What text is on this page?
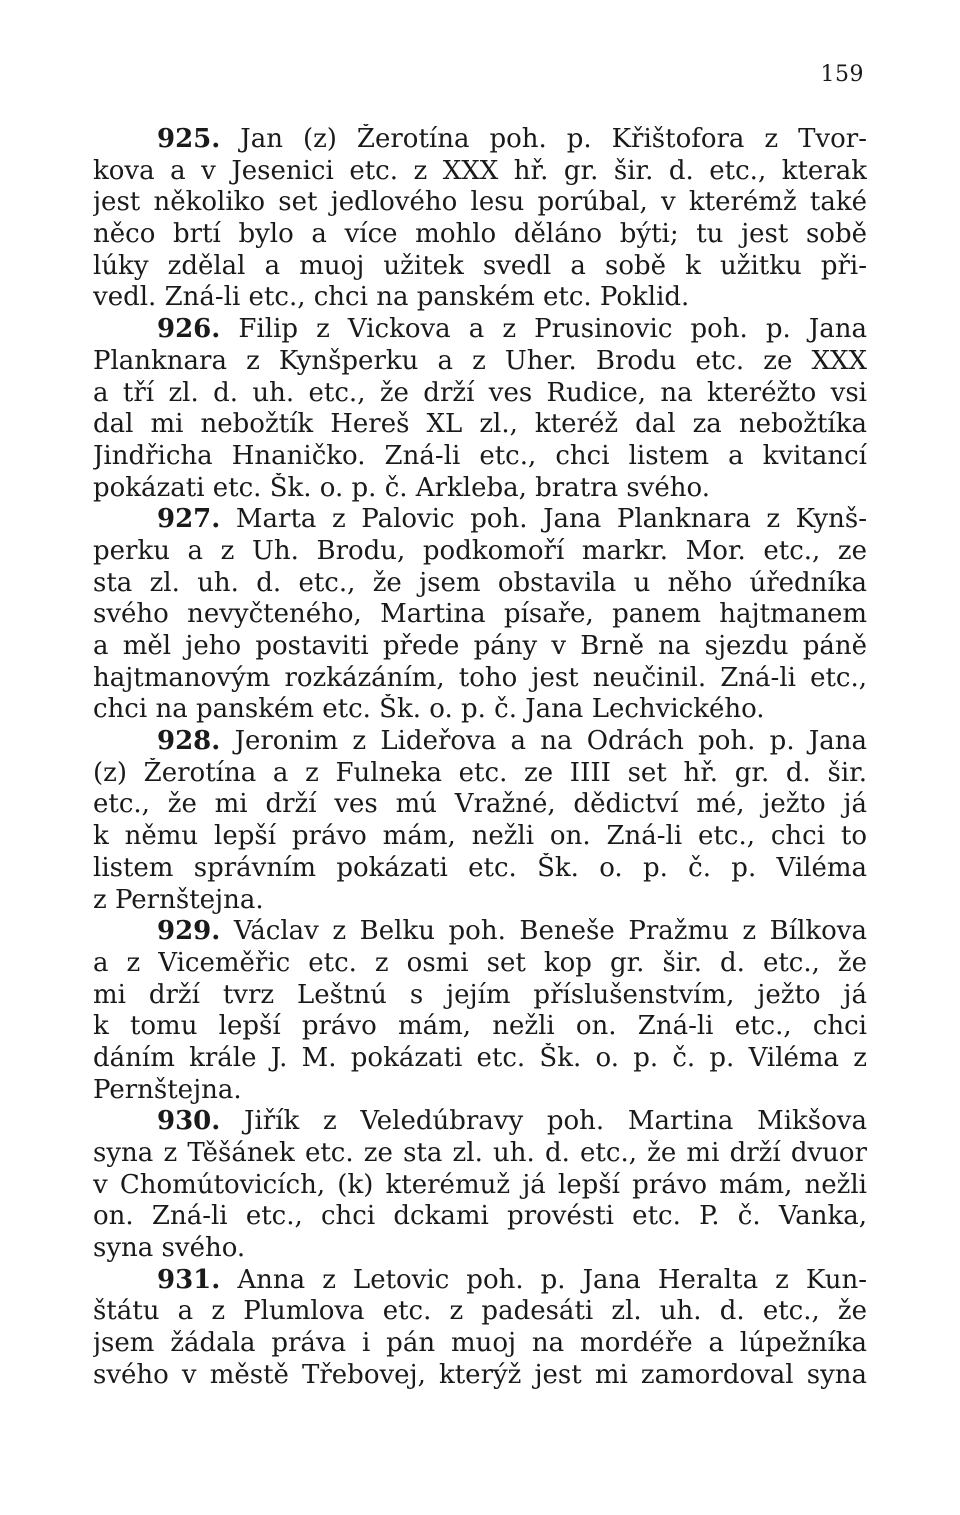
159
925. Jan (z) Žerotína poh. p. Křištofora z Tvor-
kova a v Jesenici etc. z XXX hř. gr. šir. d. etc., kterak
jest několiko set jedlového lesu porúbal, v kterémž také
něco brtí bylo a více mohlo děláno býti; tu jest sobě
lúky zdělal a muoj užitek svedl a sobě k užitku při-
vedl. Zná-li etc., chci na panském etc. Poklid.
926. Filip z Vickova a z Prusinovic poh. p. Jana
Planknara z Kynšperku a z Uher. Brodu etc. ze XXX
a tří zl. d. uh. etc., že drží ves Rudice, na kteréžto vsi
dal mi nebožtík Hereš XL zl., kteréž dal za nebožtíka
Jindřicha Hnaničko. Zná-li etc., chci listem a kvitancí
pokázati etc. Šk. o. p. č. Arkleba, bratra svého.
927. Marta z Palovic poh. Jana Planknara z Kynš-
perku a z Uh. Brodu, podkomoří markr. Mor. etc., ze
sta zl. uh. d. etc., že jsem obstavila u něho úředníka
svého nevyčteného, Martina písaře, panem hajtmanem
a měl jeho postaviti přede pány v Brně na sjezdu páně
hajtmanovým rozkázáním, toho jest neučinil. Zná-li etc.,
chci na panském etc. Šk. o. p. č. Jana Lechvického.
928. Jeronim z Lideřova a na Odrách poh. p. Jana
(z) Žerotína a z Fulneka etc. ze IIII set hř. gr. d. šir.
etc., že mi drží ves mú Vražné, dědictví mé, ježto já
k němu lepší právo mám, nežli on. Zná-li etc., chci to
listem správním pokázati etc. Šk. o. p. č. p. Viléma
z Pernštejna.
929. Václav z Belku poh. Beneše Pražmu z Bílkova
a z Viceměřic etc. z osmi set kop gr. šir. d. etc., že
mi drží tvrz Leštnú s jejím příslušenstvím, ježto já
k tomu lepší právo mám, nežli on. Zná-li etc., chci
dáním krále J. M. pokázati etc. Šk. o. p. č. p. Viléma z
Pernštejna.
930. Jiřík z Veledúbravy poh. Martina Mikšova
syna z Těšánek etc. ze sta zl. uh. d. etc., že mi drží dvuor
v Chomútovicích, (k) kterémuž já lepší právo mám, nežli
on. Zná-li etc., chci dckami provésti etc. P. č. Vanka,
syna svého.
931. Anna z Letovic poh. p. Jana Heralta z Kun-
štátu a z Plumlova etc. z padesáti zl. uh. d. etc., že
jsem žádala práva i pán muoj na mordéře a lúpežníka
svého v městě Třebovej, kterýž jest mi zamordoval syna
